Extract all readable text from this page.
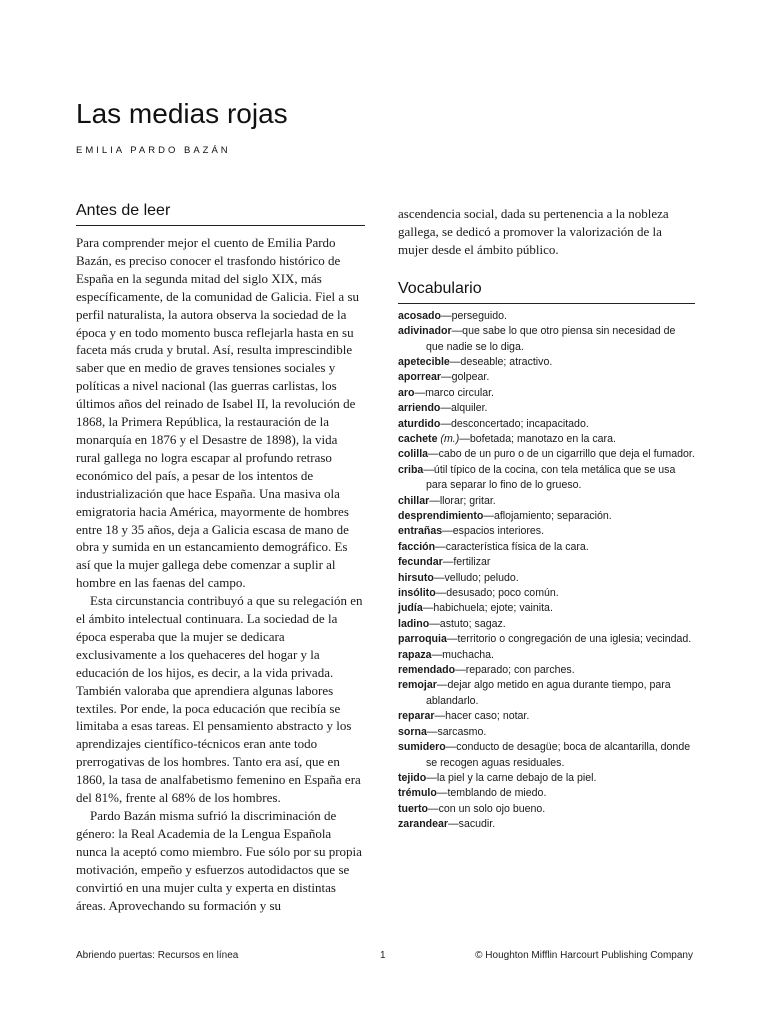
Las medias rojas
EMILIA PARDO BAZÁN
Antes de leer

Para comprender mejor el cuento de Emilia Pardo Bazán, es preciso conocer el trasfondo histórico de España en la segunda mitad del siglo XIX, más específicamente, de la comunidad de Galicia. Fiel a su perfil naturalista, la autora observa la sociedad de la época y en todo momento busca reflejarla hasta en su faceta más cruda y brutal. Así, resulta imprescindible saber que en medio de graves tensiones sociales y políticas a nivel nacional (las guerras carlistas, los últimos años del reinado de Isabel II, la revolución de 1868, la Primera República, la restauración de la monarquía en 1876 y el Desastre de 1898), la vida rural gallega no logra escapar al profundo retraso económico del país, a pesar de los intentos de industrialización que hace España. Una masiva ola emigratoria hacia América, mayormente de hombres entre 18 y 35 años, deja a Galicia escasa de mano de obra y sumida en un estancamiento demográfico. Es así que la mujer gallega debe comenzar a suplir al hombre en las faenas del campo.

Esta circunstancia contribuyó a que su relegación en el ámbito intelectual continuara. La sociedad de la época esperaba que la mujer se dedicara exclusivamente a los quehaceres del hogar y la educación de los hijos, es decir, a la vida privada. También valoraba que aprendiera algunas labores textiles. Por ende, la poca educación que recibía se limitaba a esas tareas. El pensamiento abstracto y los aprendizajes científico-técnicos eran ante todo prerrogativas de los hombres. Tanto era así, que en 1860, la tasa de analfabetismo femenino en España era del 81%, frente al 68% de los hombres.

Pardo Bazán misma sufrió la discriminación de género: la Real Academia de la Lengua Española nunca la aceptó como miembro. Fue sólo por su propia motivación, empeño y esfuerzos autodidactos que se convirtió en una mujer culta y experta en distintas áreas. Aprovechando su formación y su

ascendencia social, dada su pertenencia a la nobleza gallega, se dedicó a promover la valorización de la mujer desde el ámbito público.

Vocabulario
acosado—perseguido.
adivinador—que sabe lo que otro piensa sin necesidad de que nadie se lo diga.
apetecible—deseable; atractivo.
aporrear—golpear.
aro—marco circular.
arriendo—alquiler.
aturdido—desconcertado; incapacitado.
cachete (m.)—bofetada; manotazo en la cara.
colilla—cabo de un puro o de un cigarrillo que deja el fumador.
criba—útil típico de la cocina, con tela metálica que se usa para separar lo fino de lo grueso.
chillar—llorar; gritar.
desprendimiento—aflojamiento; separación.
entrañas—espacios interiores.
facción—característica física de la cara.
fecundar—fertilizar
hirsuto—velludo; peludo.
insólito—desusado; poco común.
judía—habichuela; ejote; vainita.
ladino—astuto; sagaz.
parroquia—territorio o congregación de una iglesia; vecindad.
rapaza—muchacha.
remendado—reparado; con parches.
remojar—dejar algo metido en agua durante tiempo, para ablandarlo.
reparar—hacer caso; notar.
sorna—sarcasmo.
sumidero—conducto de desagüe; boca de alcantarilla, donde se recogen aguas residuales.
tejido—la piel y la carne debajo de la piel.
trémulo—temblando de miedo.
tuerto—con un solo ojo bueno.
zarandear—sacudir.
Abriendo puertas: Recursos en línea	1	© Houghton Mifflin Harcourt Publishing Company
